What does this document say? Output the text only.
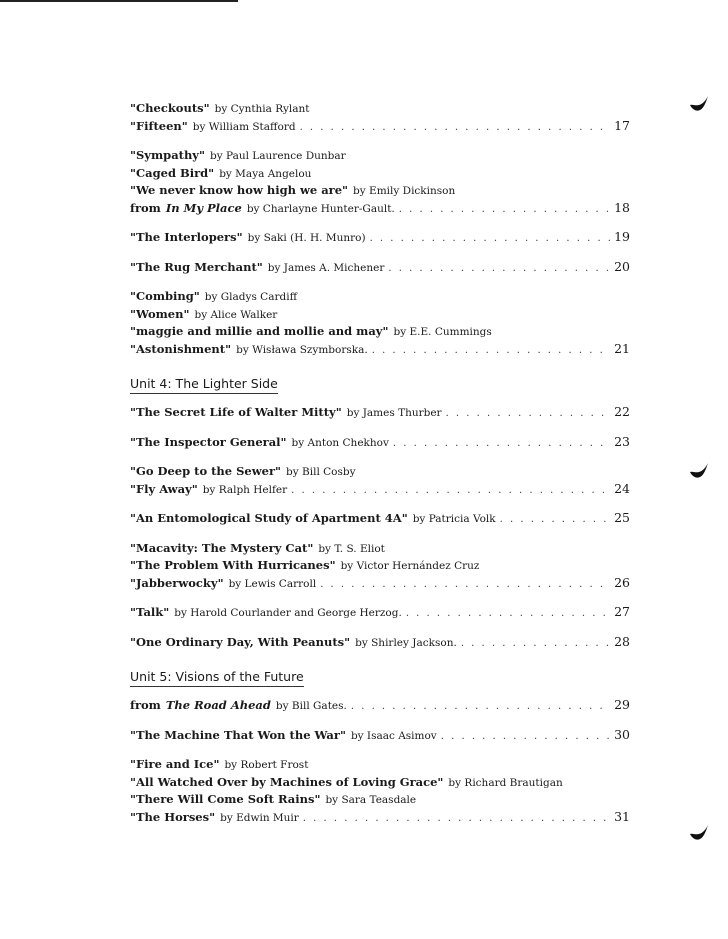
"Checkouts" by Cynthia Rylant
"Fifteen" by William Stafford . . .	17
"Sympathy" by Paul Laurence Dunbar
"Caged Bird" by Maya Angelou
"We never know how high we are" by Emily Dickinson
from In My Place by Charlayne Hunter-Gault. . . .	18
"The Interlopers" by Saki (H. H. Munro) . . .	19
"The Rug Merchant" by James A. Michener . . .	20
"Combing" by Gladys Cardiff
"Women" by Alice Walker
"maggie and millie and mollie and may" by E.E. Cummings
"Astonishment" by Wisława Szymborska. . . .	21
Unit 4: The Lighter Side
"The Secret Life of Walter Mitty" by James Thurber . . .	22
"The Inspector General" by Anton Chekhov . . .	23
"Go Deep to the Sewer" by Bill Cosby
"Fly Away" by Ralph Helfer . . .	24
"An Entomological Study of Apartment 4A" by Patricia Volk . . .	25
"Macavity: The Mystery Cat" by T. S. Eliot
"The Problem With Hurricanes" by Victor Hernández Cruz
"Jabberwocky" by Lewis Carroll . . .	26
"Talk" by Harold Courlander and George Herzog. . . .	27
"One Ordinary Day, With Peanuts" by Shirley Jackson. . . .	28
Unit 5: Visions of the Future
from The Road Ahead by Bill Gates. . . .	29
"The Machine That Won the War" by Isaac Asimov . . .	30
"Fire and Ice" by Robert Frost
"All Watched Over by Machines of Loving Grace" by Richard Brautigan
"There Will Come Soft Rains" by Sara Teasdale
"The Horses" by Edwin Muir . . .	31
